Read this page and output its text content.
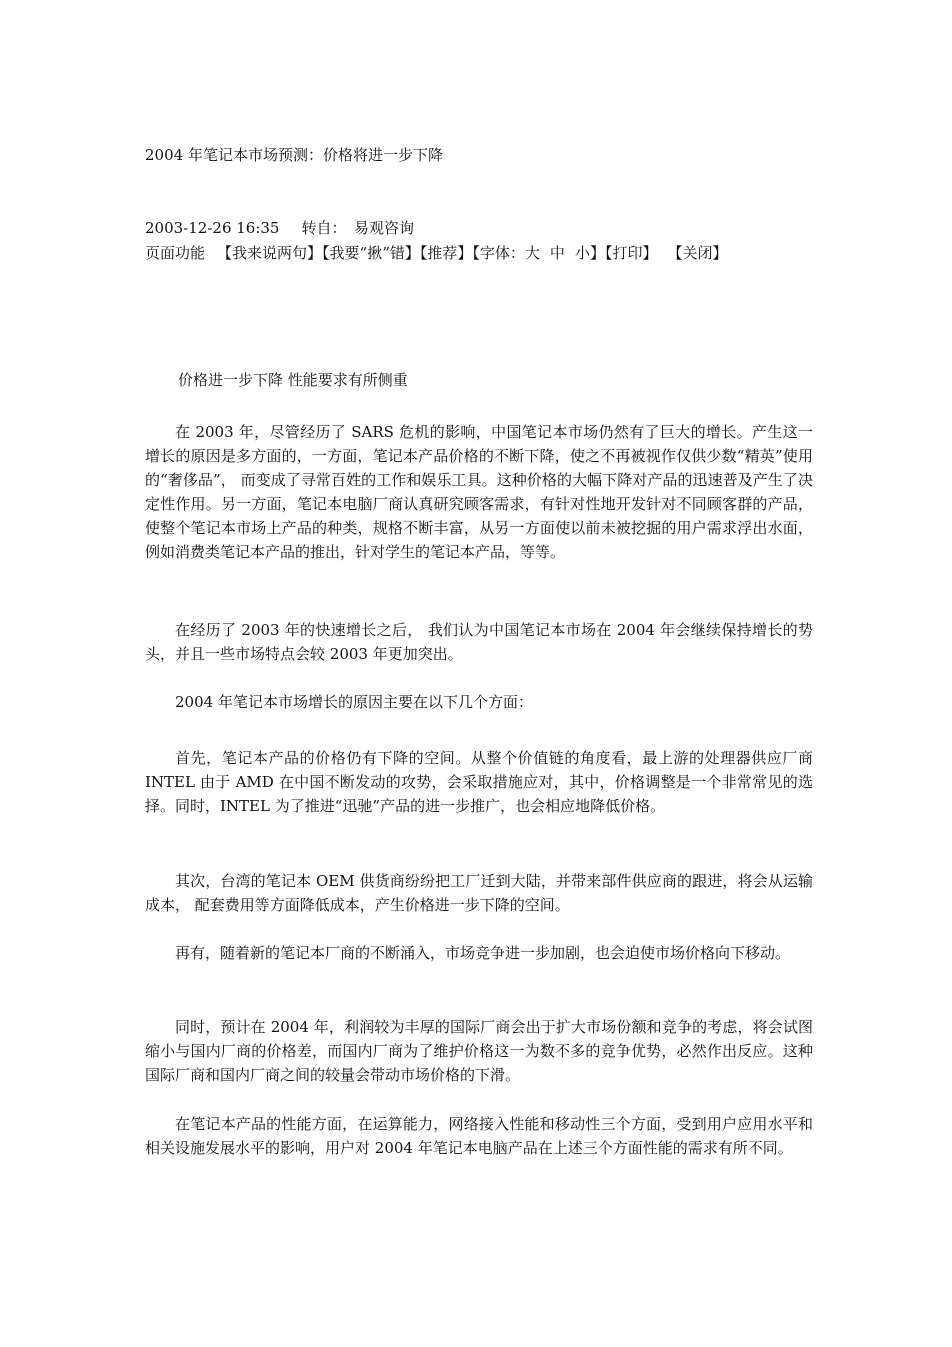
2004 年笔记本市场预测：价格将进一步下降
2003-12-26 16:35 转自：　易观咨询
页面功能 【我来说两句】【我要“揪”错】【推荐】【字体：大 中 小】【打印】 【关闭】
价格进一步下降 性能要求有所侧重

在 2003 年，尽管经历了 SARS 危机的影响，中国笔记本市场仍然有了巨大的增长。产生这一增长的原因是多方面的，一方面，笔记本产品价格的不断下降，使之不再被视作仅供少数“精英”使用的“奢侈品”， 而变成了寻常百姓的工作和娱乐工具。这种价格的大幅下降对产品的迅速普及产生了决定性作用。另一方面，笔记本电脑厂商认真研究顾客需求，有针对性地开发针对不同顾客群的产品，使整个笔记本市场上产品的种类，规格不断丰富，从另一方面使以前未被挖掘的用户需求浮出水面， 例如消费类笔记本产品的推出，针对学生的笔记本产品，等等。

在经历了 2003 年的快速增长之后， 我们认为中国笔记本市场在 2004 年会继续保持增长的势头，并且一些市场特点会较 2003 年更加突出。

2004 年笔记本市场增长的原因主要在以下几个方面：

首先，笔记本产品的价格仍有下降的空间。从整个价值链的角度看，最上游的处理器供应厂商 INTEL 由于 AMD 在中国不断发动的攻势，会采取措施应对，其中，价格调整是一个非常常见的选择。同时，INTEL 为了推进“迅驰”产品的进一步推广，也会相应地降低价格。

其次，台湾的笔记本 OEM 供货商纷纷把工厂迁到大陆，并带来部件供应商的跟进，将会从运输成本， 配套费用等方面降低成本，产生价格进一步下降的空间。

再有，随着新的笔记本厂商的不断涌入，市场竞争进一步加剧，也会迫使市场价格向下移动。

同时，预计在 2004 年，利润较为丰厚的国际厂商会出于扩大市场份额和竞争的考虑，将会试图缩小与国内厂商的价格差，而国内厂商为了维护价格这一为数不多的竞争优势，必然作出反应。这种国际厂商和国内厂商之间的较量会带动市场价格的下滑。

在笔记本产品的性能方面，在运算能力，网络接入性能和移动性三个方面，受到用户应用水平和相关设施发展水平的影响，用户对 2004 年笔记本电脑产品在上述三个方面性能的需求有所不同。
